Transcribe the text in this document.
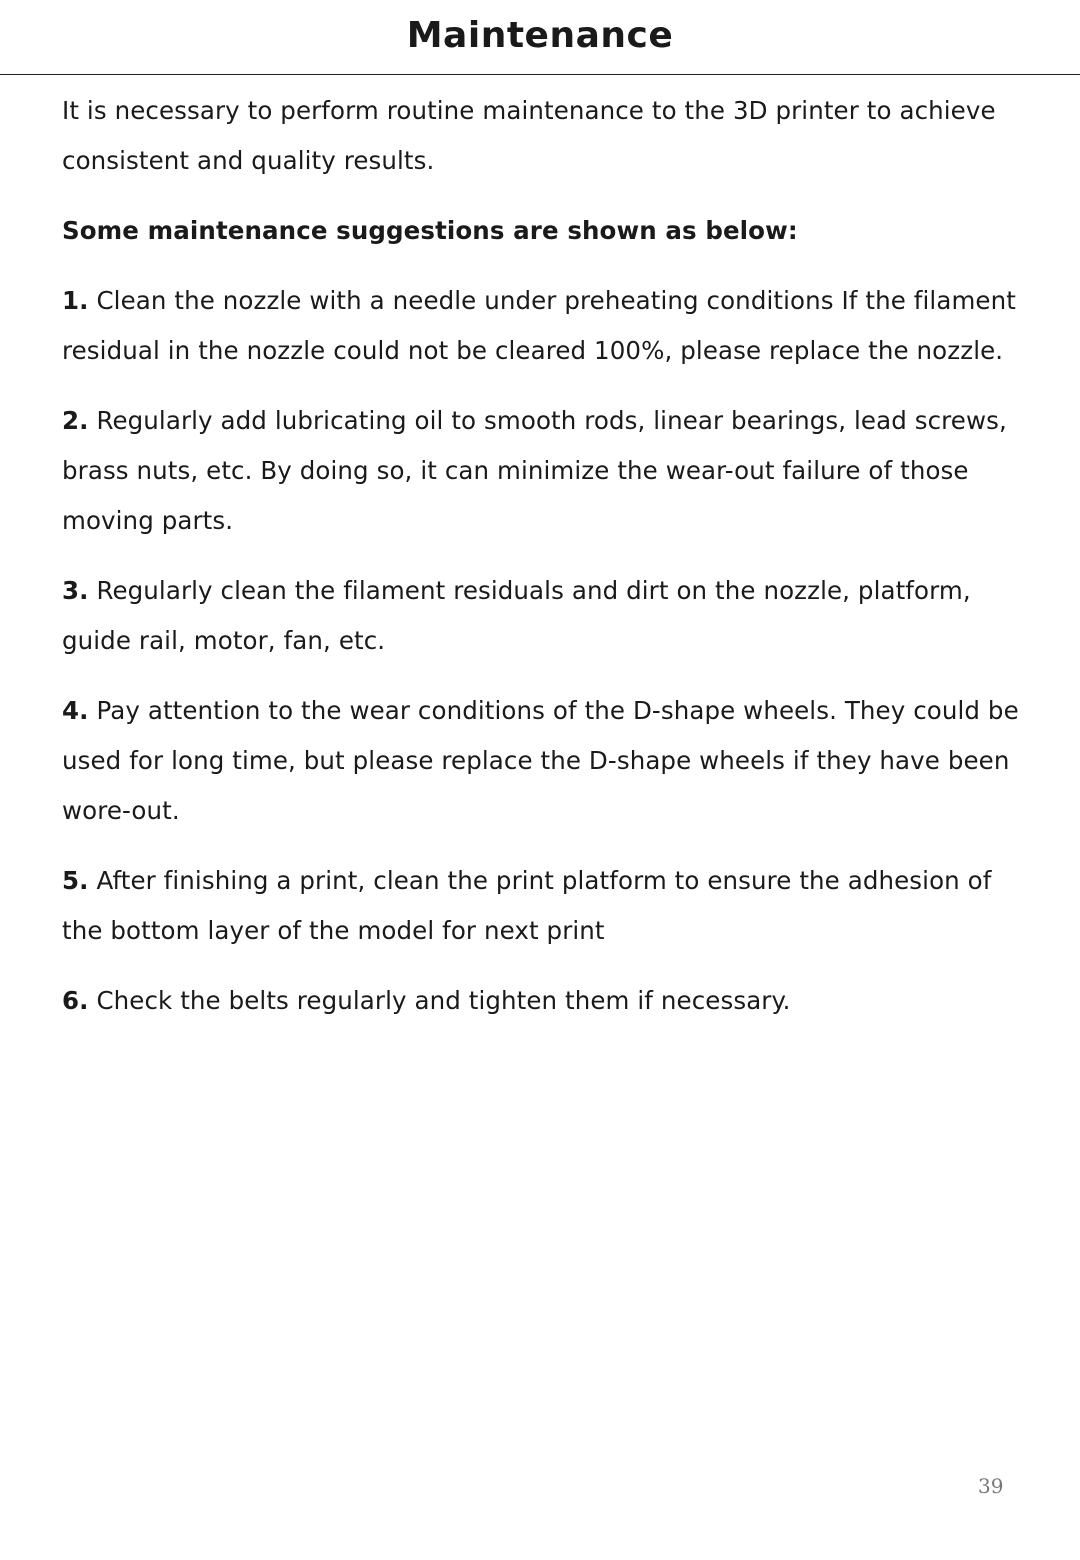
Maintenance

It is necessary to perform routine maintenance to the 3D printer to achieve consistent and quality results.

Some maintenance suggestions are shown as below:

1. Clean the nozzle with a needle under preheating conditions If the filament residual in the nozzle could not be cleared 100%, please replace the nozzle.
2. Regularly add lubricating oil to smooth rods, linear bearings, lead screws, brass nuts, etc. By doing so, it can minimize the wear-out failure of those moving parts.
3. Regularly clean the filament residuals and dirt on the nozzle, platform, guide rail, motor, fan, etc.
4. Pay attention to the wear conditions of the D-shape wheels. They could be used for long time, but please replace the D-shape wheels if they have been wore-out.
5. After finishing a print, clean the print platform to ensure the adhesion of the bottom layer of the model for next print
6. Check the belts regularly and tighten them if necessary.
39
